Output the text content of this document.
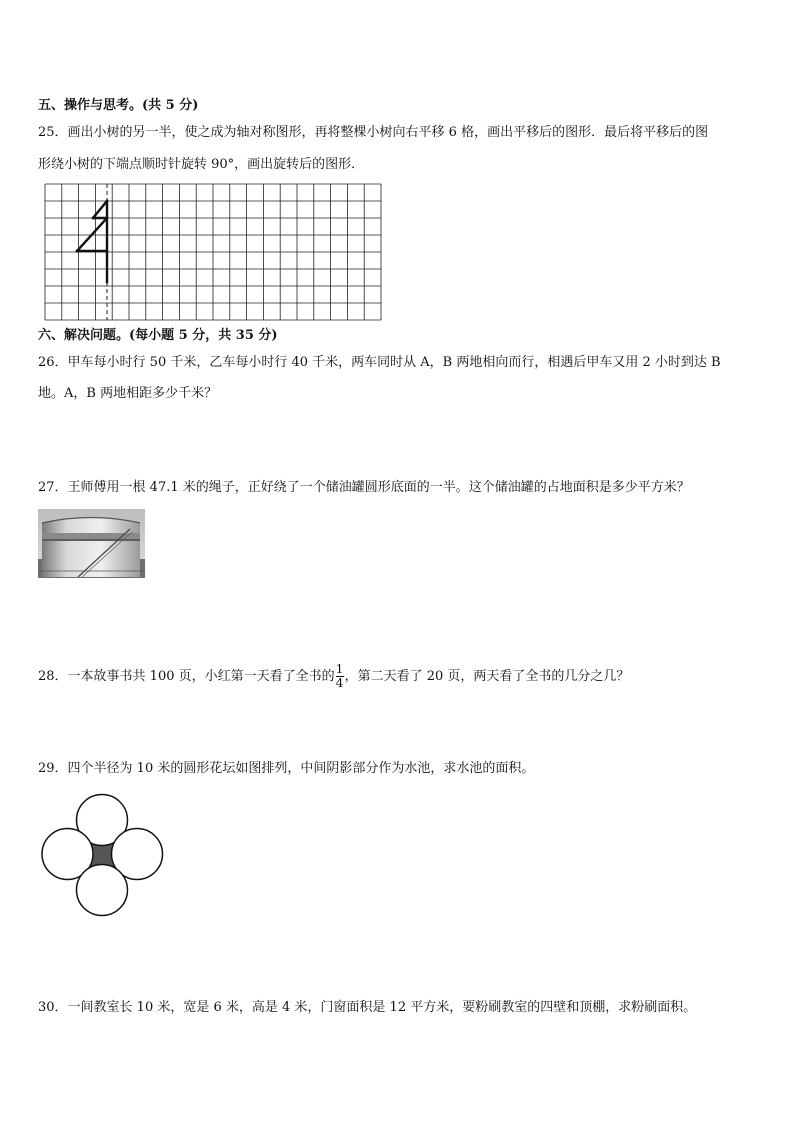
五、操作与思考。(共 5 分)
25．画出小树的另一半，使之成为轴对称图形，再将整棵小树向右平移 6 格，画出平移后的图形．最后将平移后的图
形绕小树的下端点顺时针旋转 90°，画出旋转后的图形．
六、解决问题。(每小题 5 分，共 35 分)
26．甲车每小时行 50 千米，乙车每小时行 40 千米，两车同时从 A，B 两地相向而行，相遇后甲车又用 2 小时到达 B
地。A，B 两地相距多少千米？
27．王师傅用一根 47.1 米的绳子，正好绕了一个储油罐圆形底面的一半。这个储油罐的占地面积是多少平方米？
28．一本故事书共 100 页，小红第一天看了全书的 $\frac{1}{4}$ ，第二天看了 20 页，两天看了全书的几分之几？
29．四个半径为 10 米的圆形花坛如图排列，中间阴影部分作为水池，求水池的面积。
30．一间教室长 10 米，宽是 6 米，高是 4 米，门窗面积是 12 平方米，要粉刷教室的四壁和顶棚，求粉刷面积。
